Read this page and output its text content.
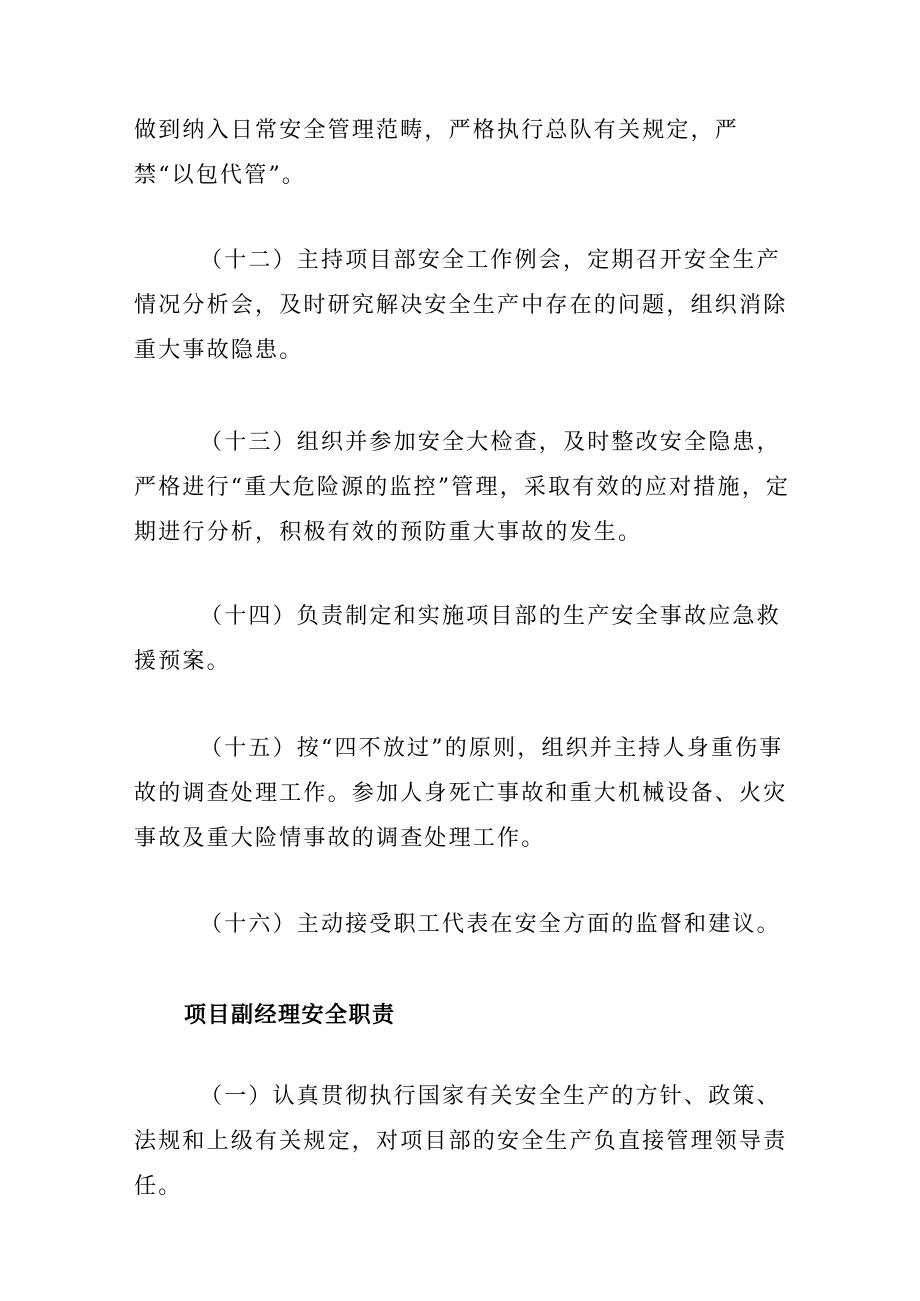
做到纳入日常安全管理范畴，严格执行总队有关规定，严禁“以包代管”。

（十二）主持项目部安全工作例会，定期召开安全生产情况分析会，及时研究解决安全生产中存在的问题，组织消除重大事故隐患。

（十三）组织并参加安全大检查，及时整改安全隐患，严格进行“重大危险源的监控”管理，采取有效的应对措施，定期进行分析，积极有效的预防重大事故的发生。

（十四）负责制定和实施项目部的生产安全事故应急救援预案。

（十五）按“四不放过”的原则，组织并主持人身重伤事故的调查处理工作。参加人身死亡事故和重大机械设备、火灾事故及重大险情事故的调查处理工作。

（十六）主动接受职工代表在安全方面的监督和建议。

项目副经理安全职责

（一）认真贯彻执行国家有关安全生产的方针、政策、法规和上级有关规定，对项目部的安全生产负直接管理领导责任。
